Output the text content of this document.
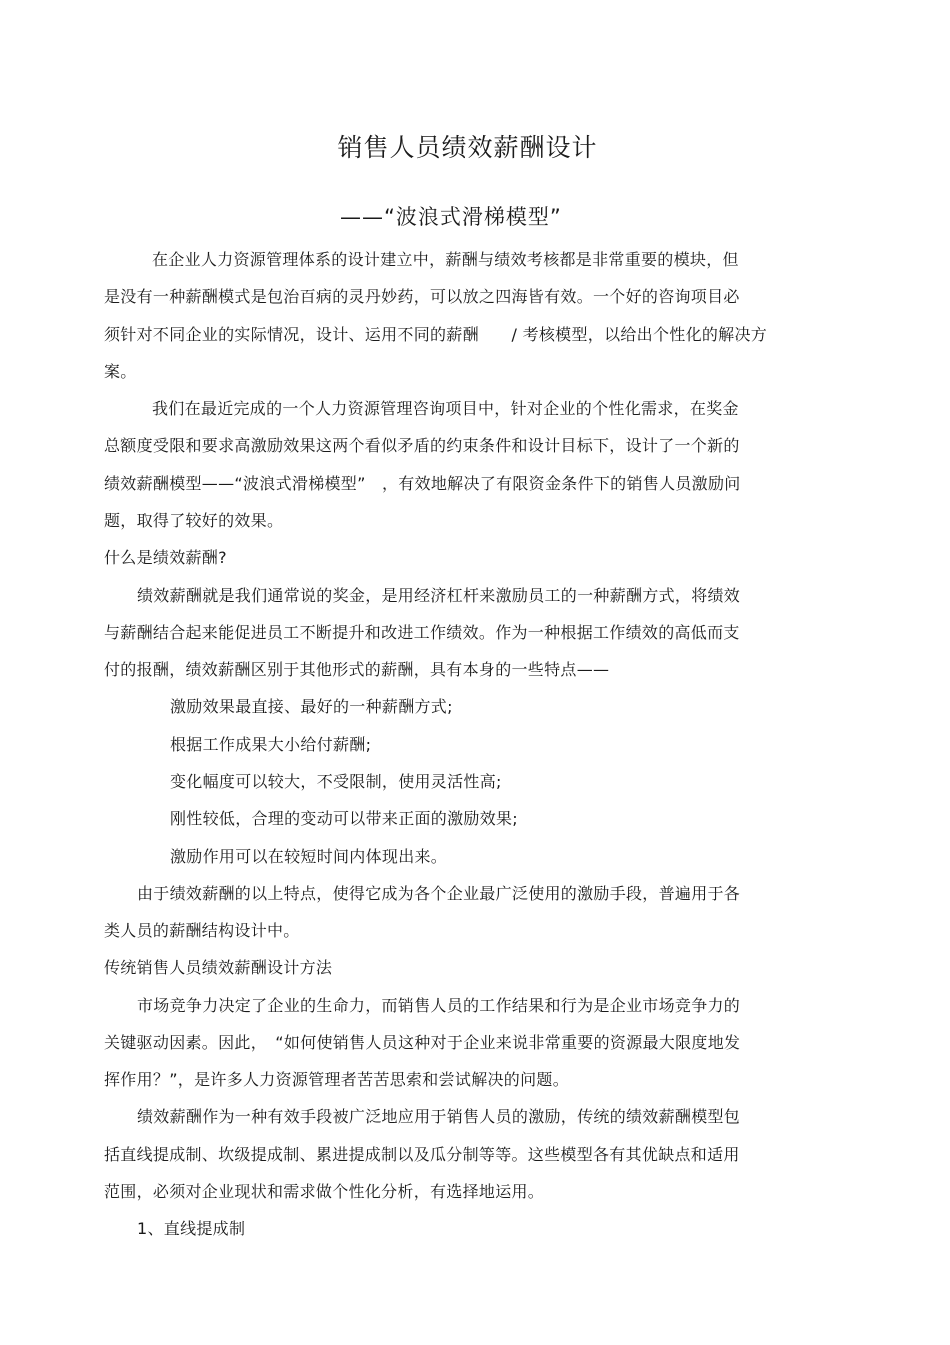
销售人员绩效薪酬设计
——“波浪式滑梯模型”
在企业人力资源管理体系的设计建立中，薪酬与绩效考核都是非常重要的模块，但
是没有一种薪酬模式是包治百病的灵丹妙药，可以放之四海皆有效。一个好的咨询项目必
须针对不同企业的实际情况，设计、运用不同的薪酬　　/ 考核模型，以给出个性化的解决方
案。
我们在最近完成的一个人力资源管理咨询项目中，针对企业的个性化需求，在奖金
总额度受限和要求高激励效果这两个看似矛盾的约束条件和设计目标下，设计了一个新的
绩效薪酬模型——“波浪式滑梯模型”　，有效地解决了有限资金条件下的销售人员激励问
题，取得了较好的效果。
什么是绩效薪酬?
绩效薪酬就是我们通常说的奖金，是用经济杠杆来激励员工的一种薪酬方式，将绩效
与薪酬结合起来能促进员工不断提升和改进工作绩效。作为一种根据工作绩效的高低而支
付的报酬，绩效薪酬区别于其他形式的薪酬，具有本身的一些特点——
激励效果最直接、最好的一种薪酬方式;
根据工作成果大小给付薪酬;
变化幅度可以较大，不受限制，使用灵活性高;
刚性较低，合理的变动可以带来正面的激励效果;
激励作用可以在较短时间内体现出来。
由于绩效薪酬的以上特点，使得它成为各个企业最广泛使用的激励手段，普遍用于各
类人员的薪酬结构设计中。
传统销售人员绩效薪酬设计方法
市场竞争力决定了企业的生命力，而销售人员的工作结果和行为是企业市场竞争力的
关键驱动因素。因此，　“如何使销售人员这种对于企业来说非常重要的资源最大限度地发
挥作用？”，是许多人力资源管理者苦苦思索和尝试解决的问题。
绩效薪酬作为一种有效手段被广泛地应用于销售人员的激励，传统的绩效薪酬模型包
括直线提成制、坎级提成制、累进提成制以及瓜分制等等。这些模型各有其优缺点和适用
范围，必须对企业现状和需求做个性化分析，有选择地运用。
1、直线提成制
